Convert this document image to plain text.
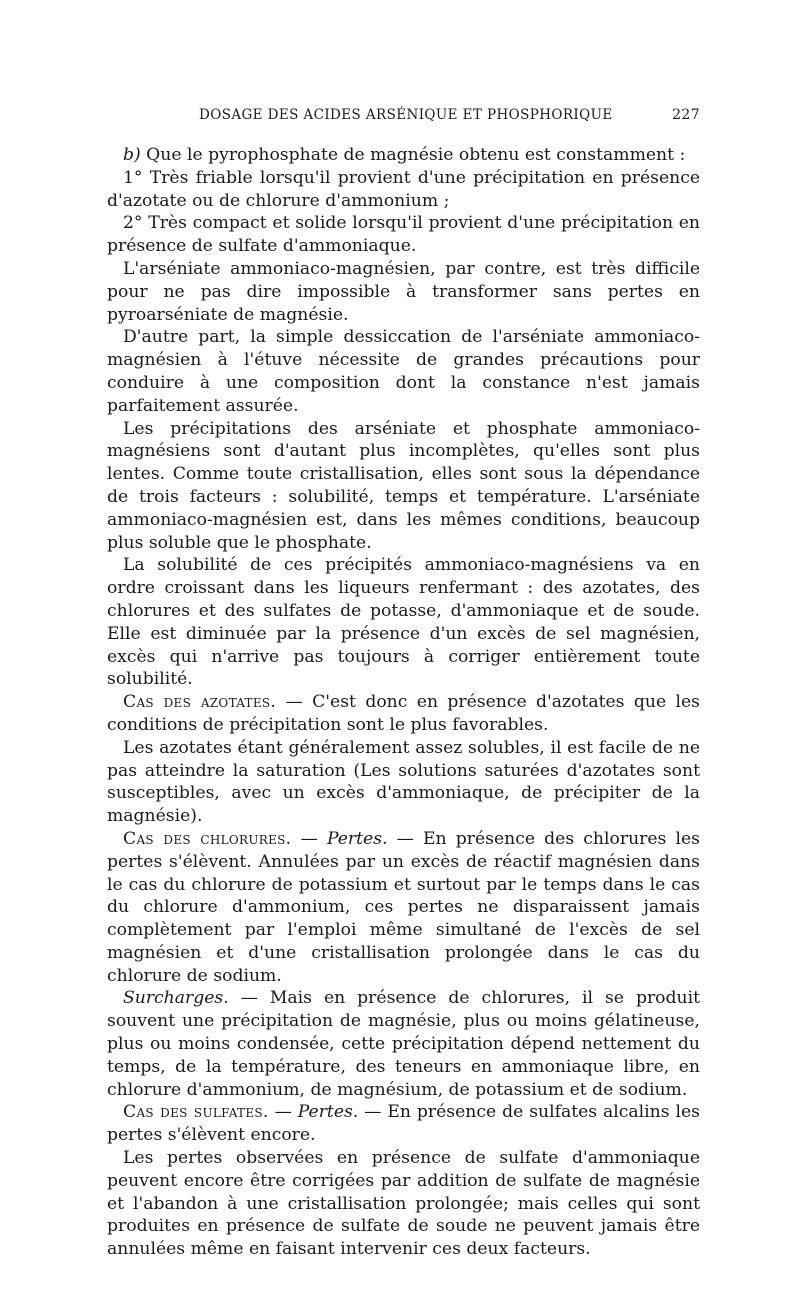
DOSAGE DES ACIDES ARSÉNIQUE ET PHOSPHORIQUE	227

b) Que le pyrophosphate de magnésie obtenu est constamment :

1° Très friable lorsqu'il provient d'une précipitation en présence d'azotate ou de chlorure d'ammonium ;

2° Très compact et solide lorsqu'il provient d'une précipitation en présence de sulfate d'ammoniaque.

L'arséniate ammoniaco-magnésien, par contre, est très difficile pour ne pas dire impossible à transformer sans pertes en pyroarséniate de magnésie.

D'autre part, la simple dessiccation de l'arséniate ammoniaco-magnésien à l'étuve nécessite de grandes précautions pour conduire à une composition dont la constance n'est jamais parfaitement assurée.

Les précipitations des arséniate et phosphate ammoniaco-magnésiens sont d'autant plus incomplètes, qu'elles sont plus lentes. Comme toute cristallisation, elles sont sous la dépendance de trois facteurs : solubilité, temps et température. L'arséniate ammoniaco-magnésien est, dans les mêmes conditions, beaucoup plus soluble que le phosphate.

La solubilité de ces précipités ammoniaco-magnésiens va en ordre croissant dans les liqueurs renfermant : des azotates, des chlorures et des sulfates de potasse, d'ammoniaque et de soude. Elle est diminuée par la présence d'un excès de sel magnésien, excès qui n'arrive pas toujours à corriger entièrement toute solubilité.

Cas des azotates. — C'est donc en présence d'azotates que les conditions de précipitation sont le plus favorables.

Les azotates étant généralement assez solubles, il est facile de ne pas atteindre la saturation (Les solutions saturées d'azotates sont susceptibles, avec un excès d'ammoniaque, de précipiter de la magnésie).

Cas des chlorures. — Pertes. — En présence des chlorures les pertes s'élèvent. Annulées par un excès de réactif magnésien dans le cas du chlorure de potassium et surtout par le temps dans le cas du chlorure d'ammonium, ces pertes ne disparaissent jamais complètement par l'emploi même simultané de l'excès de sel magnésien et d'une cristallisation prolongée dans le cas du chlorure de sodium.

Surcharges. — Mais en présence de chlorures, il se produit souvent une précipitation de magnésie, plus ou moins gélatineuse, plus ou moins condensée, cette précipitation dépend nettement du temps, de la température, des teneurs en ammoniaque libre, en chlorure d'ammonium, de magnésium, de potassium et de sodium.

Cas des sulfates. — Pertes. — En présence de sulfates alcalins les pertes s'élèvent encore.

Les pertes observées en présence de sulfate d'ammoniaque peuvent encore être corrigées par addition de sulfate de magnésie et l'abandon à une cristallisation prolongée; mais celles qui sont produites en présence de sulfate de soude ne peuvent jamais être annulées même en faisant intervenir ces deux facteurs.
